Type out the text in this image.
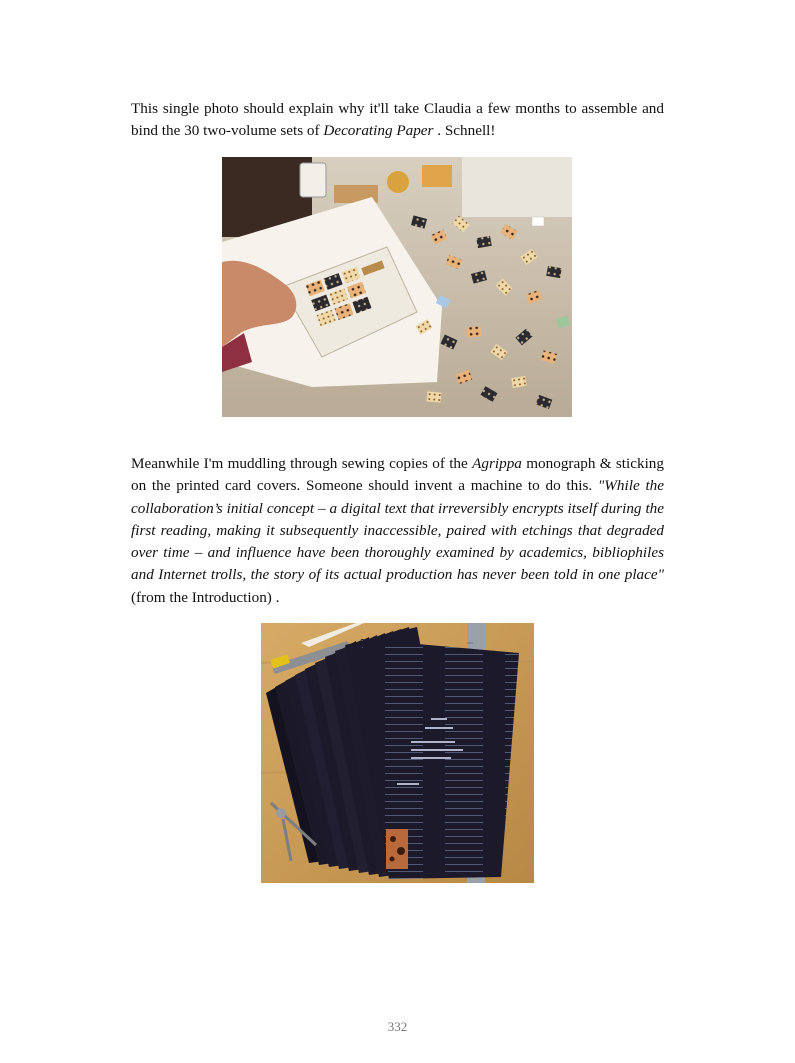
This single photo should explain why it'll take Claudia a few months to assemble and bind the 30 two-volume sets of Decorating Paper . Schnell!

Meanwhile I'm muddling through sewing copies of the Agrippa monograph & sticking on the printed card covers. Someone should invent a machine to do this. "While the collaboration’s initial concept – a digital text that irreversibly encrypts itself during the first reading, making it subsequently inaccessible, paired with etchings that degraded over time – and influence have been thoroughly examined by academics, bibliophiles and Internet trolls, the story of its actual production has never been told in one place" (from the Introduction) .

332
